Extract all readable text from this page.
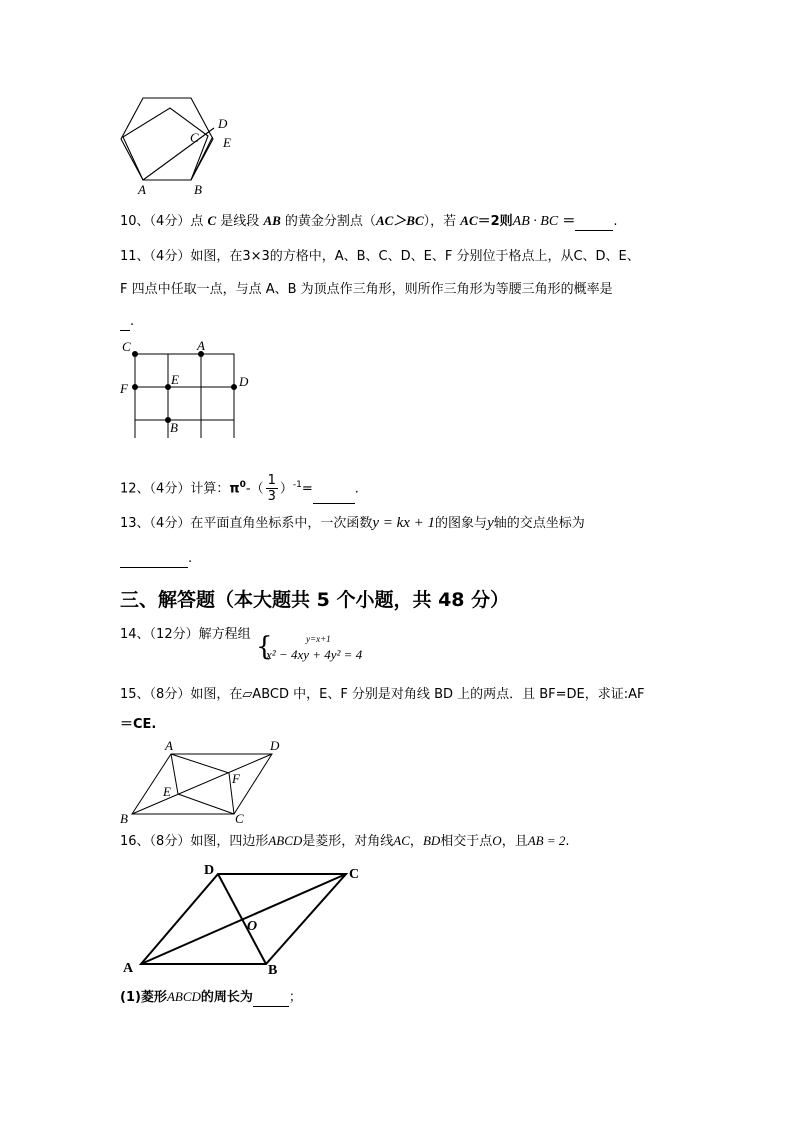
A	B
C
D
E
10、（4分）点 C 是线段 AB 的黄金分割点（AC＞BC），若 AC＝2则AB · BC ＝	.
11、（4分）如图，在3×3的方格中，A、B、C、D、E、F 分别位于格点上，从C、D、E、
F 四点中任取一点，与点 A、B 为顶点作三角形，则所作三角形为等腰三角形的概率是
.
C	A
F
E	D
B
12、（4分）计算：$\pi^0-( \frac{1}{3} )^{-1}=$	.
13、（4分）在平面直角坐标系中，一次函数y = kx + 1的图象与y轴的交点坐标为
.
三、解答题（本大题共 5 个小题，共 48 分）
14、（12分）解方程组 {	y=x+1
x² − 4xy + 4y² = 4
15、（8分）如图，在▱ABCD 中，E、F 分别是对角线 BD 上的两点．且 BF=DE，求证:AF
＝CE.
A	D
F
E
B	C
16、（8分）如图，四边形ABCD是菱形，对角线AC，BD相交于点O，且AB = 2.
D	C
O
A	B
(1)菱形ABCD的周长为	；
